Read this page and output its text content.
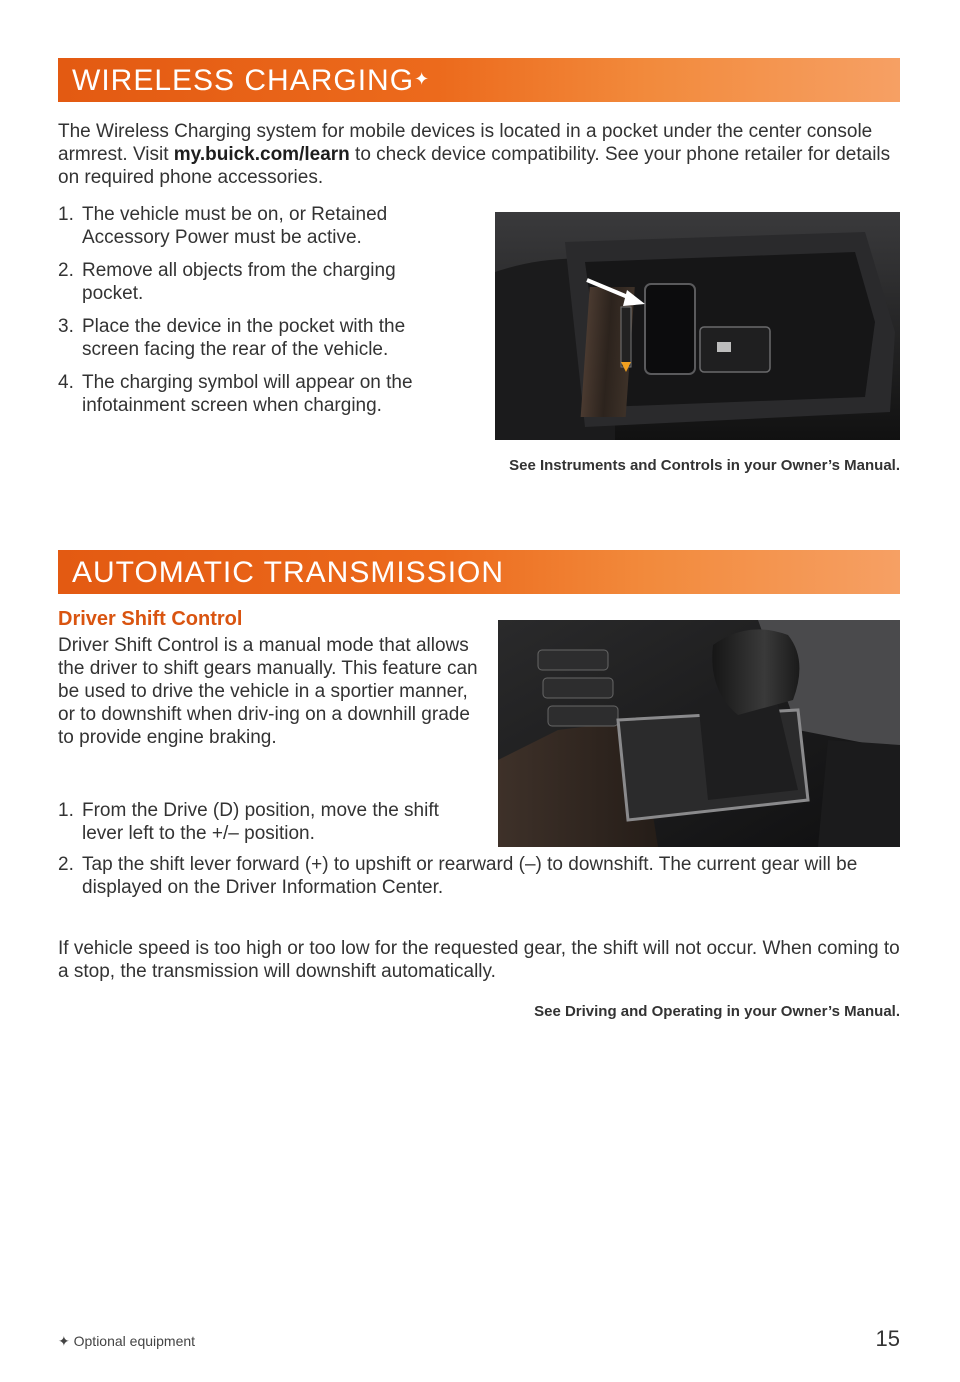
WIRELESS CHARGING✦
The Wireless Charging system for mobile devices is located in a pocket under the center console armrest. Visit my.buick.com/learn to check device compatibility. See your phone retailer for details on required phone accessories.
1. The vehicle must be on, or Retained Accessory Power must be active.
2. Remove all objects from the charging pocket.
3. Place the device in the pocket with the screen facing the rear of the vehicle.
4. The charging symbol will appear on the infotainment screen when charging.
See Instruments and Controls in your Owner’s Manual.
AUTOMATIC TRANSMISSION
Driver Shift Control
Driver Shift Control is a manual mode that allows the driver to shift gears manually. This feature can be used to drive the vehicle in a sportier manner, or to downshift when driv-ing on a downhill grade to provide engine braking.
1. From the Drive (D) position, move the shift lever left to the +/– position.
2. Tap the shift lever forward (+) to upshift or rearward (–) to downshift. The current gear will be displayed on the Driver Information Center.
If vehicle speed is too high or too low for the requested gear, the shift will not occur. When coming to a stop, the transmission will downshift automatically.
See Driving and Operating in your Owner’s Manual.
✦ Optional equipment	15
